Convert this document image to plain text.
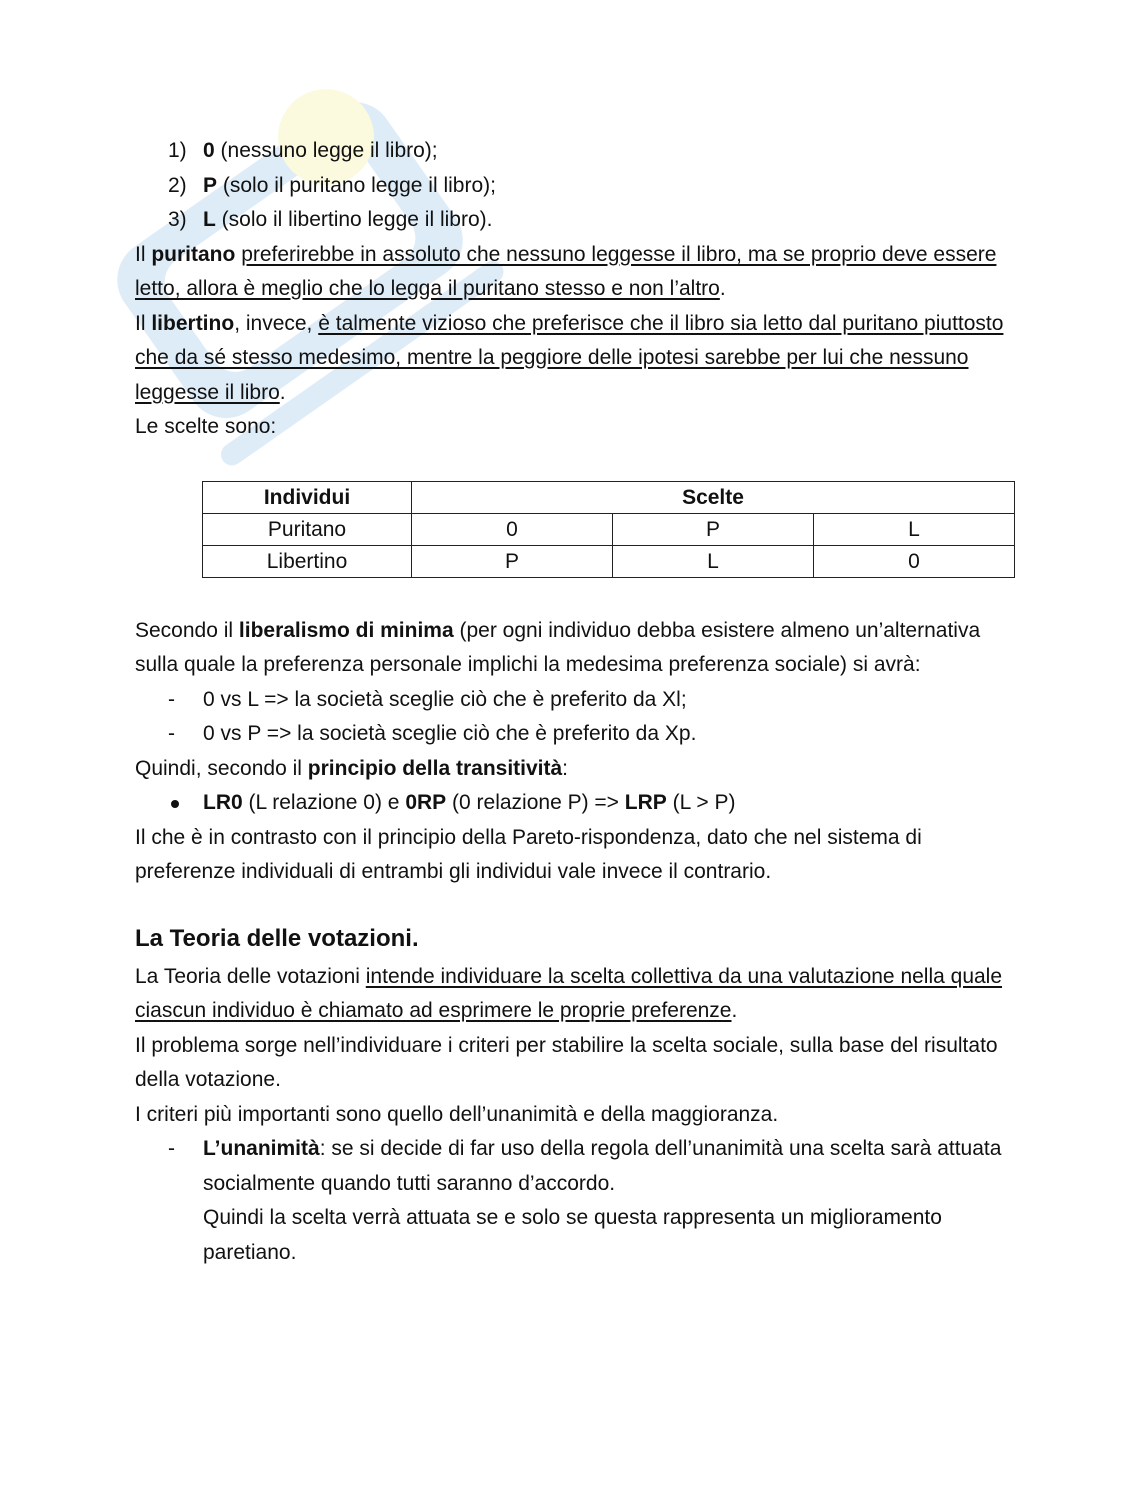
1) 0 (nessuno legge il libro);

2) P (solo il puritano legge il libro);

3) L (solo il libertino legge il libro).

Il puritano preferirebbe in assoluto che nessuno leggesse il libro, ma se proprio deve essere letto, allora è meglio che lo legga il puritano stesso e non l’altro.

Il libertino, invece, è talmente vizioso che preferisce che il libro sia letto dal puritano piuttosto che da sé stesso medesimo, mentre la peggiore delle ipotesi sarebbe per lui che nessuno leggesse il libro.

Le scelte sono:

Individui	Scelte		
Puritano	0	P	L
Libertino	P	L	0

Secondo il liberalismo di minima (per ogni individuo debba esistere almeno un’alternativa sulla quale la preferenza personale implichi la medesima preferenza sociale) si avrà:

- 0 vs L => la società sceglie ciò che è preferito da Xl;

- 0 vs P => la società sceglie ciò che è preferito da Xp.

Quindi, secondo il principio della transitività:

LR0 (L relazione 0) e 0RP (0 relazione P) => LRP (L > P)

Il che è in contrasto con il principio della Pareto-rispondenza, dato che nel sistema di preferenze individuali di entrambi gli individui vale invece il contrario.

La Teoria delle votazioni.

La Teoria delle votazioni intende individuare la scelta collettiva da una valutazione nella quale ciascun individuo è chiamato ad esprimere le proprie preferenze.

Il problema sorge nell’individuare i criteri per stabilire la scelta sociale, sulla base del risultato della votazione.

I criteri più importanti sono quello dell’unanimità e della maggioranza.

- L’unanimità: se si decide di far uso della regola dell’unanimità una scelta sarà attuata socialmente quando tutti saranno d’accordo.

Quindi la scelta verrà attuata se e solo se questa rappresenta un miglioramento paretiano.
